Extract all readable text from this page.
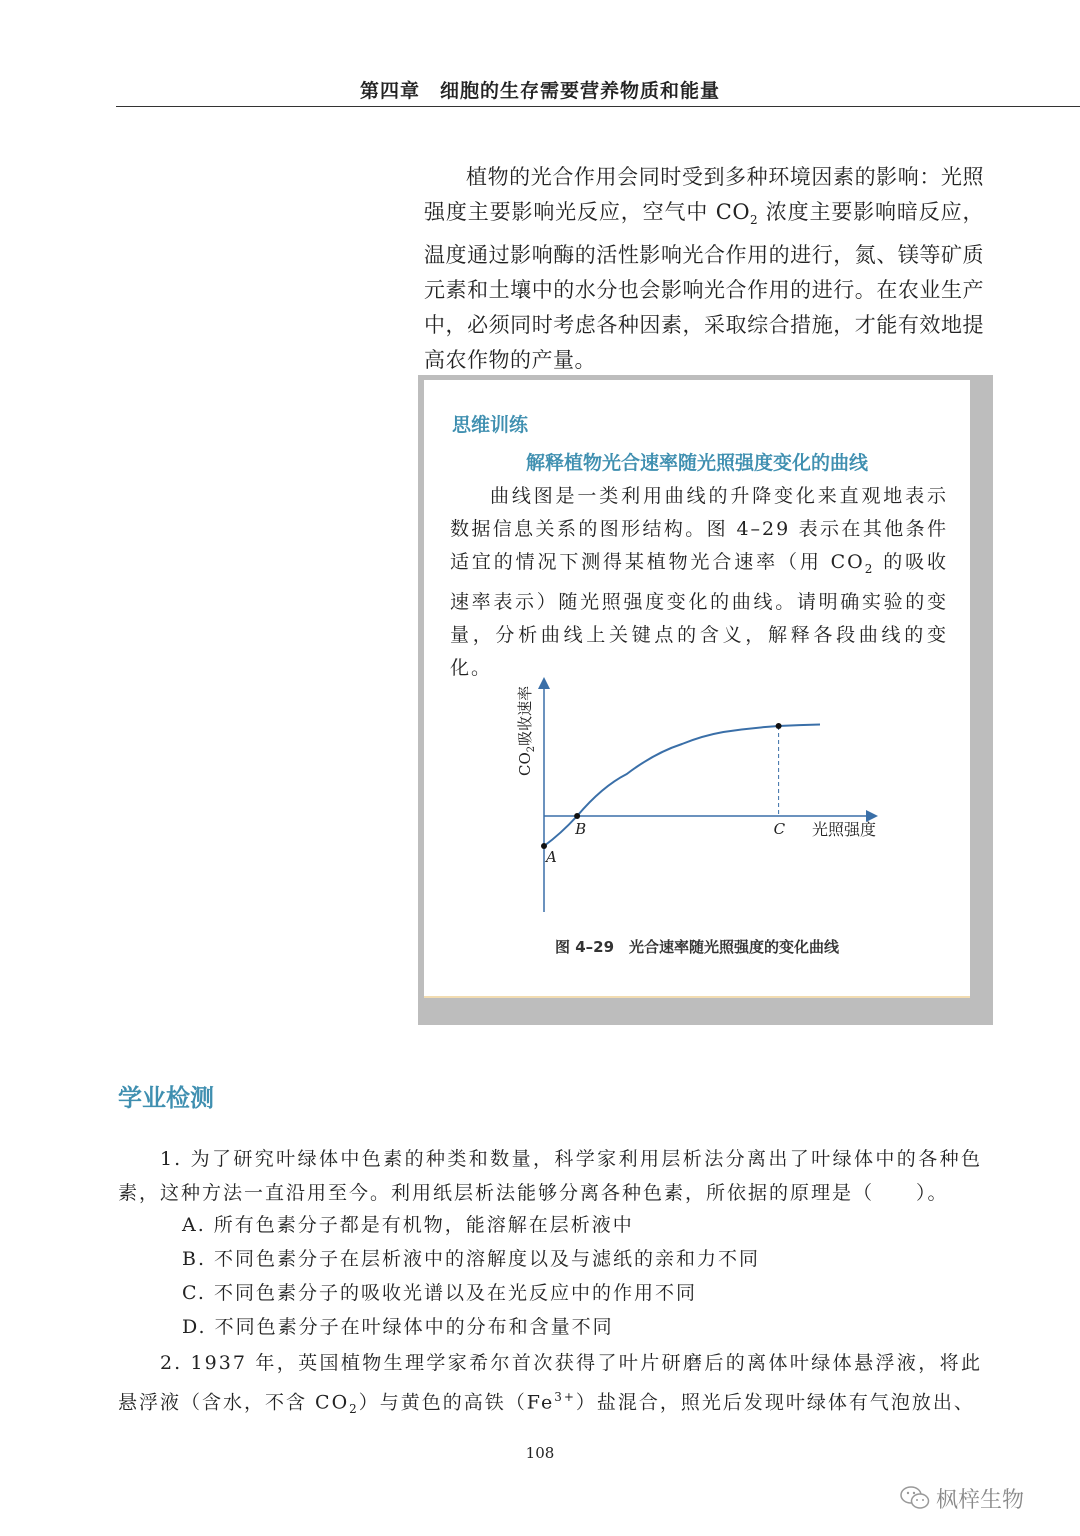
第四章　细胞的生存需要营养物质和能量

植物的光合作用会同时受到多种环境因素的影响：光照强度主要影响光反应，空气中 $CO_2$ 浓度主要影响暗反应，温度通过影响酶的活性影响光合作用的进行，氮、镁等矿质元素和土壤中的水分也会影响光合作用的进行。在农业生产中，必须同时考虑各种因素，采取综合措施，才能有效地提高农作物的产量。

思维训练
解释植物光合速率随光照强度变化的曲线

曲线图是一类利用曲线的升降变化来直观地表示数据信息关系的图形结构。图 4–29 表示在其他条件适宜的情况下测得某植物光合速率（用 $CO_2$ 的吸收速率表示）随光照强度变化的曲线。请明确实验的变量，分析曲线上关键点的含义，解释各段曲线的变化。

A
B	C 光照强度
$CO_2$吸收速率
图 4–29　光合速率随光照强度的变化曲线
学业检测

1. 为了研究叶绿体中色素的种类和数量，科学家利用层析法分离出了叶绿体中的各种色素，这种方法一直沿用至今。利用纸层析法能够分离各种色素，所依据的原理是（　　）。

A. 所有色素分子都是有机物，能溶解在层析液中
B. 不同色素分子在层析液中的溶解度以及与滤纸的亲和力不同
C. 不同色素分子的吸收光谱以及在光反应中的作用不同
D. 不同色素分子在叶绿体中的分布和含量不同

2. 1937 年，英国植物生理学家希尔首次获得了叶片研磨后的离体叶绿体悬浮液，将此悬浮液（含水，不含 $CO_2$）与黄色的高铁$(Fe^{3+})$盐混合，照光后发现叶绿体有气泡放出、

108
枫梓生物
